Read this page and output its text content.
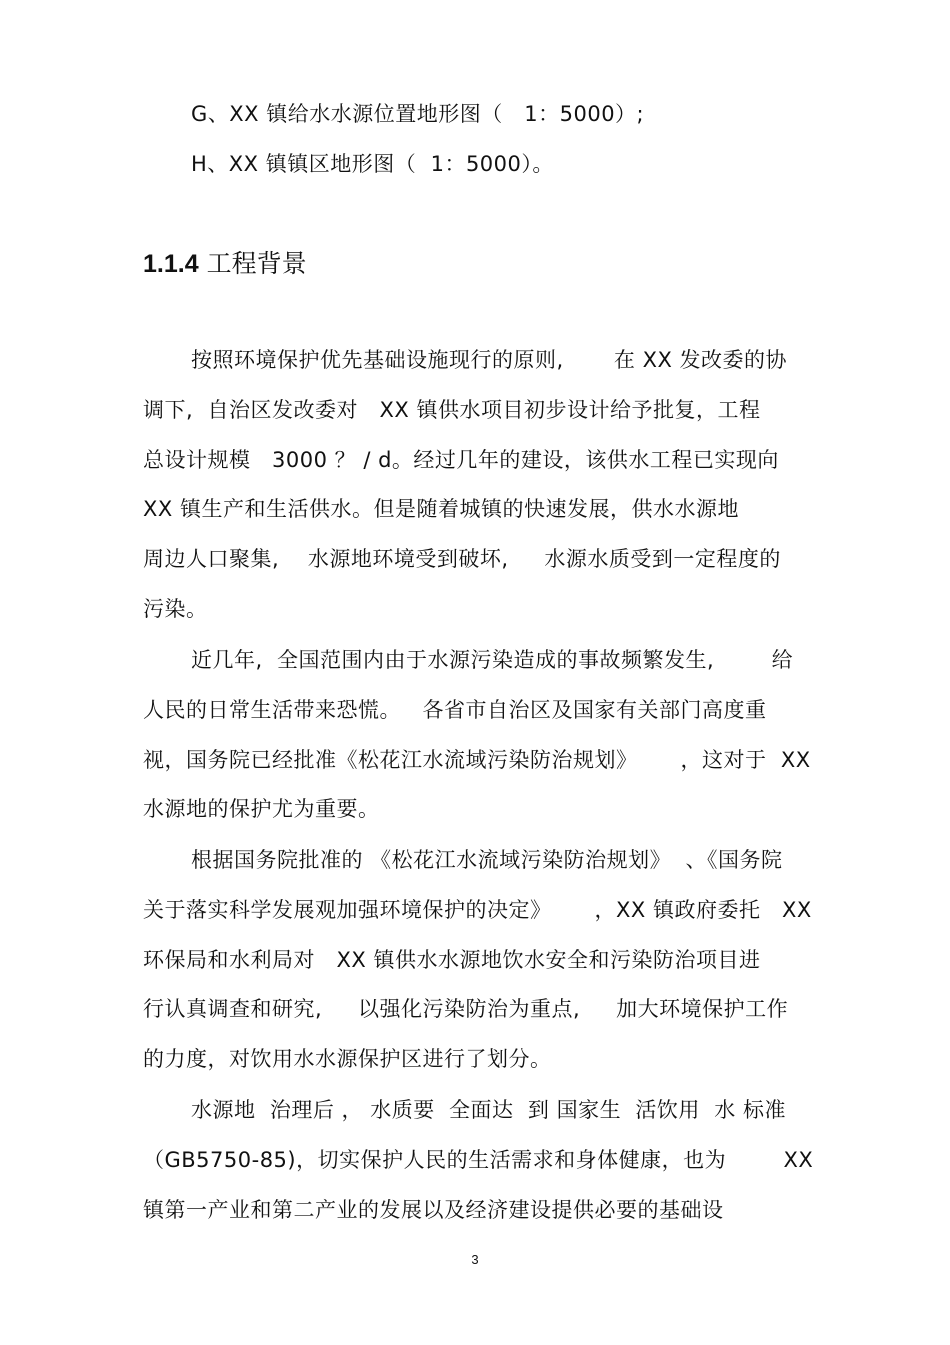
G、XX 镇给水水源位置地形图（   1：5000）;
H、XX 镇镇区地形图（  1：5000）。
1.1.4 工程背景
按照环境保护优先基础设施现行的原则,       在 XX 发改委的协
调下,  自治区发改委对   XX 镇供水项目初步设计给予批复，工程
总设计规模   3000 ？ / d。经过几年的建设，该供水工程已实现向
XX 镇生产和生活供水。但是随着城镇的快速发展，供水水源地
周边人口聚集,    水源地环境受到破坏,     水源水质受到一定程度的
污染。
近几年,  全国范围内由于水源污染造成的事故频繁发生,        给
人民的日常生活带来恐慌。   各省市自治区及国家有关部门高度重
视，国务院已经批准《松花江水流域污染防治规划》      ，这对于  XX
水源地的保护尤为重要。
根据国务院批准的 《松花江水流域污染防治规划》  、《国务院
关于落实科学发展观加强环境保护的决定》      ，XX 镇政府委托   XX
环保局和水利局对   XX 镇供水水源地饮水安全和污染防治项目进
行认真调查和研究,     以强化污染防治为重点,     加大环境保护工作
的力度，对饮用水水源保护区进行了划分。
水源地  治理后 ， 水质要  全面达  到 国家生  活饮用  水 标准
（GB5750-85)，切实保护人民的生活需求和身体健康，也为        XX
镇第一产业和第二产业的发展以及经济建设提供必要的基础设
3
